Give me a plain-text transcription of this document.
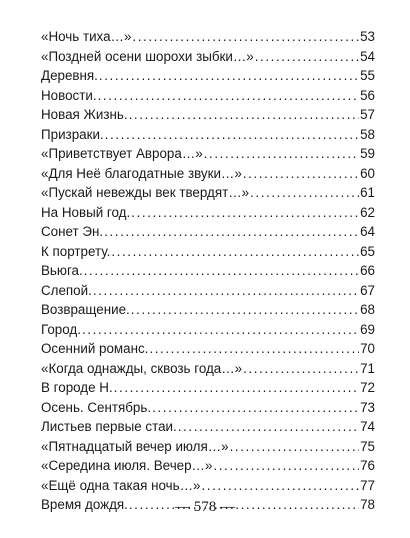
«Ночь тиха…» .....	53
«Поздней осени шорохи зыбки…» .....	54
Деревня. .....	55
Новости. .....	56
Новая Жизнь. .....	57
Призраки. .....	58
«Приветствует Аврора…» .....	59
«Для Неё благодатные звуки…» .....	60
«Пускай невежды век твердят…» .....	61
На Новый год. .....	62
Сонет Эн. .....	64
К портрету. .....	65
Вьюга. .....	66
Слепой. .....	67
Возвращение. .....	68
Город. .....	69
Осенний романс. .....	70
«Когда однажды, сквозь года…» .....	71
В городе Н. .....	72
Осень. Сентябрь. .....	73
Листьев первые стаи. .....	74
«Пятнадцатый вечер июля…» .....	75
«Середина июля. Вечер…» .....	76
«Ещё одна такая ночь…» .....	77
Время дождя. .....	78
— 578 —
